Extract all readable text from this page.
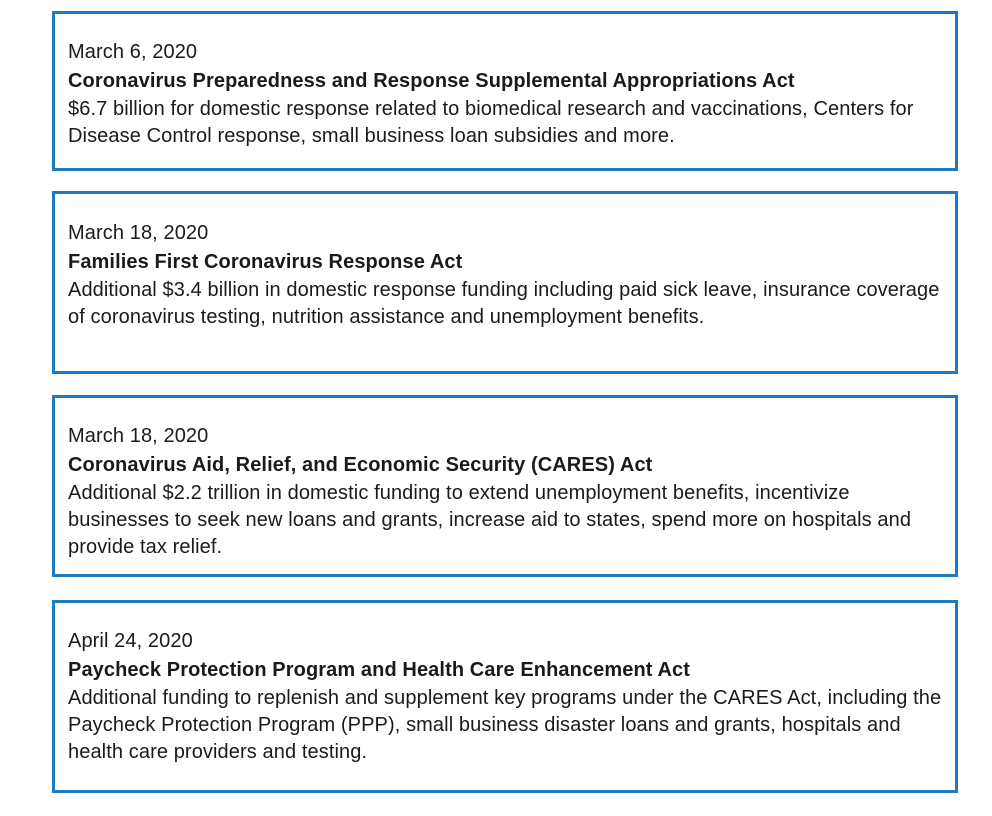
March 6, 2020

Coronavirus Preparedness and Response Supplemental Appropriations Act

$6.7 billion for domestic response related to biomedical research and vaccinations, Centers for Disease Control response, small business loan subsidies and more.

March 18, 2020

Families First Coronavirus Response Act

Additional $3.4 billion in domestic response funding including paid sick leave, insurance coverage of coronavirus testing, nutrition assistance and unemployment benefits.

March 18, 2020

Coronavirus Aid, Relief, and Economic Security (CARES) Act

Additional $2.2 trillion in domestic funding to extend unemployment benefits, incentivize businesses to seek new loans and grants, increase aid to states, spend more on hospitals and provide tax relief.

April 24, 2020

Paycheck Protection Program and Health Care Enhancement Act

Additional funding to replenish and supplement key programs under the CARES Act, including the Paycheck Protection Program (PPP), small business disaster loans and grants, hospitals and health care providers and testing.
